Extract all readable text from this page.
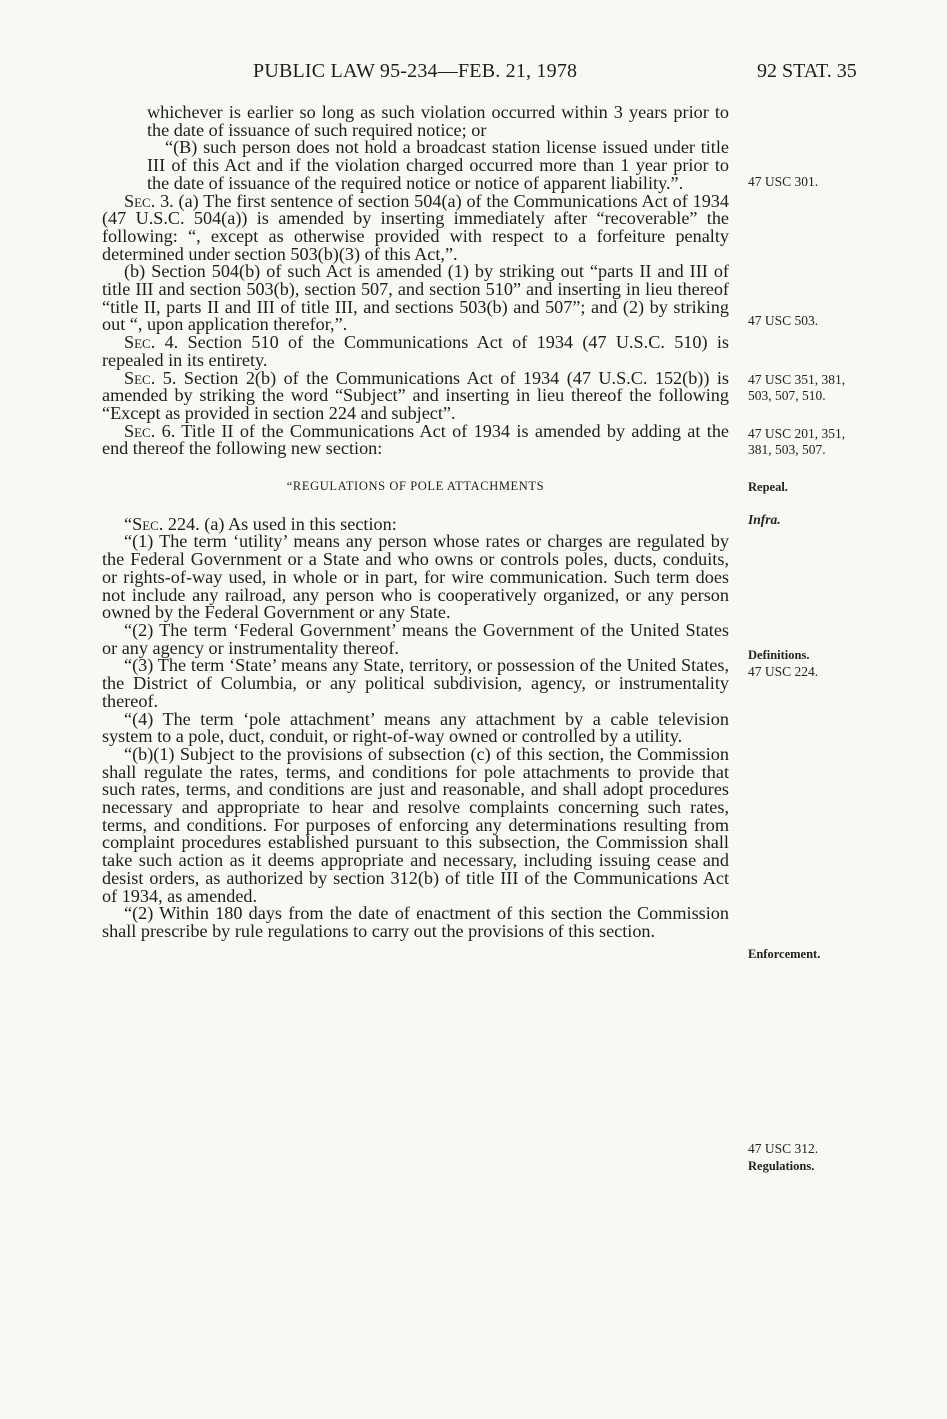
PUBLIC LAW 95-234—FEB. 21, 1978	92 STAT. 35

whichever is earlier so long as such violation occurred within 3 years prior to the date of issuance of such required notice; or

“(B) such person does not hold a broadcast station license issued under title III of this Act and if the violation charged occurred more than 1 year prior to the date of issuance of the required notice or notice of apparent liability.”.

Sec. 3. (a) The first sentence of section 504(a) of the Communications Act of 1934 (47 U.S.C. 504(a)) is amended by inserting immediately after “recoverable” the following: “, except as otherwise provided with respect to a forfeiture penalty determined under section 503(b)(3) of this Act,”.

(b) Section 504(b) of such Act is amended (1) by striking out “parts II and III of title III and section 503(b), section 507, and section 510” and inserting in lieu thereof “title II, parts II and III of title III, and sections 503(b) and 507”; and (2) by striking out “, upon application therefor,”.

Sec. 4. Section 510 of the Communications Act of 1934 (47 U.S.C. 510) is repealed in its entirety.

Sec. 5. Section 2(b) of the Communications Act of 1934 (47 U.S.C. 152(b)) is amended by striking the word “Subject” and inserting in lieu thereof the following “Except as provided in section 224 and subject”.

Sec. 6. Title II of the Communications Act of 1934 is amended by adding at the end thereof the following new section:

“REGULATIONS OF POLE ATTACHMENTS

“Sec. 224. (a) As used in this section:

“(1) The term ‘utility’ means any person whose rates or charges are regulated by the Federal Government or a State and who owns or controls poles, ducts, conduits, or rights-of-way used, in whole or in part, for wire communication. Such term does not include any railroad, any person who is cooperatively organized, or any person owned by the Federal Government or any State.

“(2) The term ‘Federal Government’ means the Government of the United States or any agency or instrumentality thereof.

“(3) The term ‘State’ means any State, territory, or possession of the United States, the District of Columbia, or any political subdivision, agency, or instrumentality thereof.

“(4) The term ‘pole attachment’ means any attachment by a cable television system to a pole, duct, conduit, or right-of-way owned or controlled by a utility.

“(b)(1) Subject to the provisions of subsection (c) of this section, the Commission shall regulate the rates, terms, and conditions for pole attachments to provide that such rates, terms, and conditions are just and reasonable, and shall adopt procedures necessary and appropriate to hear and resolve complaints concerning such rates, terms, and conditions. For purposes of enforcing any determinations resulting from complaint procedures established pursuant to this subsection, the Commission shall take such action as it deems appropriate and necessary, including issuing cease and desist orders, as authorized by section 312(b) of title III of the Communications Act of 1934, as amended.

“(2) Within 180 days from the date of enactment of this section the Commission shall prescribe by rule regulations to carry out the provisions of this section.

47 USC 301.
47 USC 503.
47 USC 351, 381, 503, 507, 510.
47 USC 201, 351, 381, 503, 507.
Repeal.
Infra.
Definitions.
47 USC 224.
Enforcement.
47 USC 312.
Regulations.
